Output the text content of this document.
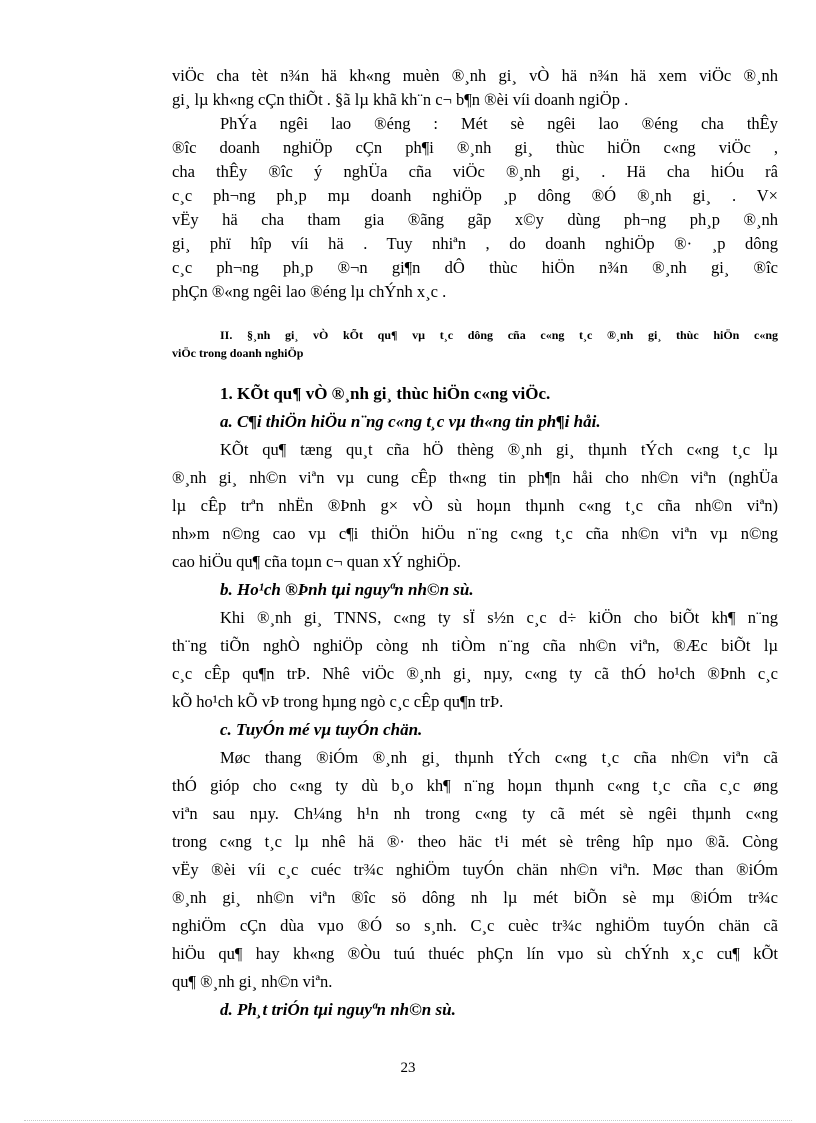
viÖc cha tèt n¾n hä kh«ng muèn ®¸nh gi¸ vÒ hä n¾n hä xem viÖc ®¸nh
gi¸ lµ kh«ng cÇn thiÕt . §ã lµ khã kh¨n c¬ b¶n ®èi víi doanh ngiÖp .
PhÝa ngêi lao ®éng : Mét sè ngêi lao ®éng cha thÊy
®îc doanh nghiÖp cÇn ph¶i ®¸nh gi¸ thùc hiÖn c«ng viÖc ,
cha thÊy ®îc ý nghÜa cña viÖc ®¸nh gi¸ . Hä cha hiÓu râ
c¸c ph¬ng ph¸p mµ doanh nghiÖp ¸p dông ®Ó ®¸nh gi¸ . V×
vËy hä cha tham gia ®ãng gãp x©y dùng ph¬ng ph¸p ®¸nh
gi¸ phï hîp víi hä . Tuy nhiªn , do doanh nghiÖp ®· ¸p dông
c¸c ph¬ng ph¸p ®¬n gi¶n dÔ thùc hiÖn n¾n ®¸nh gi¸ ®îc
phÇn ®«ng ngêi lao ®éng lµ chÝnh x¸c .
II. §¸nh gi¸ vÒ kÕt qu¶ vµ t¸c dông cña c«ng t¸c ®¸nh gi¸ thùc hiÖn c«ng
viÖc trong doanh nghiÖp
1. KÕt qu¶ vÒ ®¸nh gi¸ thùc hiÖn c«ng viÖc.
a. C¶i thiÖn hiÖu n¨ng c«ng t¸c vµ th«ng tin ph¶i håi.
KÕt qu¶ tæng qu¸t cña hÖ thèng ®¸nh gi¸ thµnh tÝch c«ng t¸c lµ
®¸nh gi¸ nh©n viªn vµ cung cÊp th«ng tin ph¶n håi cho nh©n viªn (nghÜa
lµ cÊp trªn nhËn ®Þnh g× vÒ sù hoµn thµnh c«ng t¸c cña nh©n viªn)
nh»m n©ng cao vµ c¶i thiÖn hiÖu n¨ng c«ng t¸c cña nh©n viªn vµ n©ng
cao hiÖu qu¶ cña toµn c¬ quan xÝ nghiÖp.
b. Ho¹ch ®Þnh tµi nguyªn nh©n sù.
Khi ®¸nh gi¸ TNNS, c«ng ty sÏ s½n c¸c d÷ kiÖn cho biÕt kh¶ n¨ng
th¨ng tiÕn nghÒ nghiÖp còng nh tiÒm n¨ng cña nh©n viªn, ®Æc biÕt lµ
c¸c cÊp qu¶n trÞ. Nhê viÖc ®¸nh gi¸ nµy, c«ng ty cã thÓ ho¹ch ®Þnh c¸c
kÕ ho¹ch kÕ vÞ trong hµng ngò c¸c cÊp qu¶n trÞ.
c. TuyÓn mé vµ tuyÓn chän.
Møc thang ®iÓm ®¸nh gi¸ thµnh tÝch c«ng t¸c cña nh©n viªn cã
thÓ gióp cho c«ng ty dù b¸o kh¶ n¨ng hoµn thµnh c«ng t¸c cña c¸c øng
viªn sau nµy. Ch¼ng h¹n nh trong c«ng ty cã mét sè ngêi thµnh c«ng
trong c«ng t¸c lµ nhê hä ®· theo häc t¹i mét sè trêng hîp nµo ®ã. Còng
vËy ®èi víi c¸c cuéc tr¾c nghiÖm tuyÓn chän nh©n viªn. Møc than ®iÓm
®¸nh gi¸ nh©n viªn ®îc sö dông nh lµ mét biÕn sè mµ ®iÓm tr¾c
nghiÖm cÇn dùa vµo ®Ó so s¸nh. C¸c cuèc tr¾c nghiÖm tuyÓn chän cã
hiÖu qu¶ hay kh«ng ®Òu tuú thuéc phÇn lín vµo sù chÝnh x¸c cu¶ kÕt
qu¶ ®¸nh gi¸ nh©n viªn.
d. Ph¸t triÓn tµi nguyªn nh©n sù.
23
